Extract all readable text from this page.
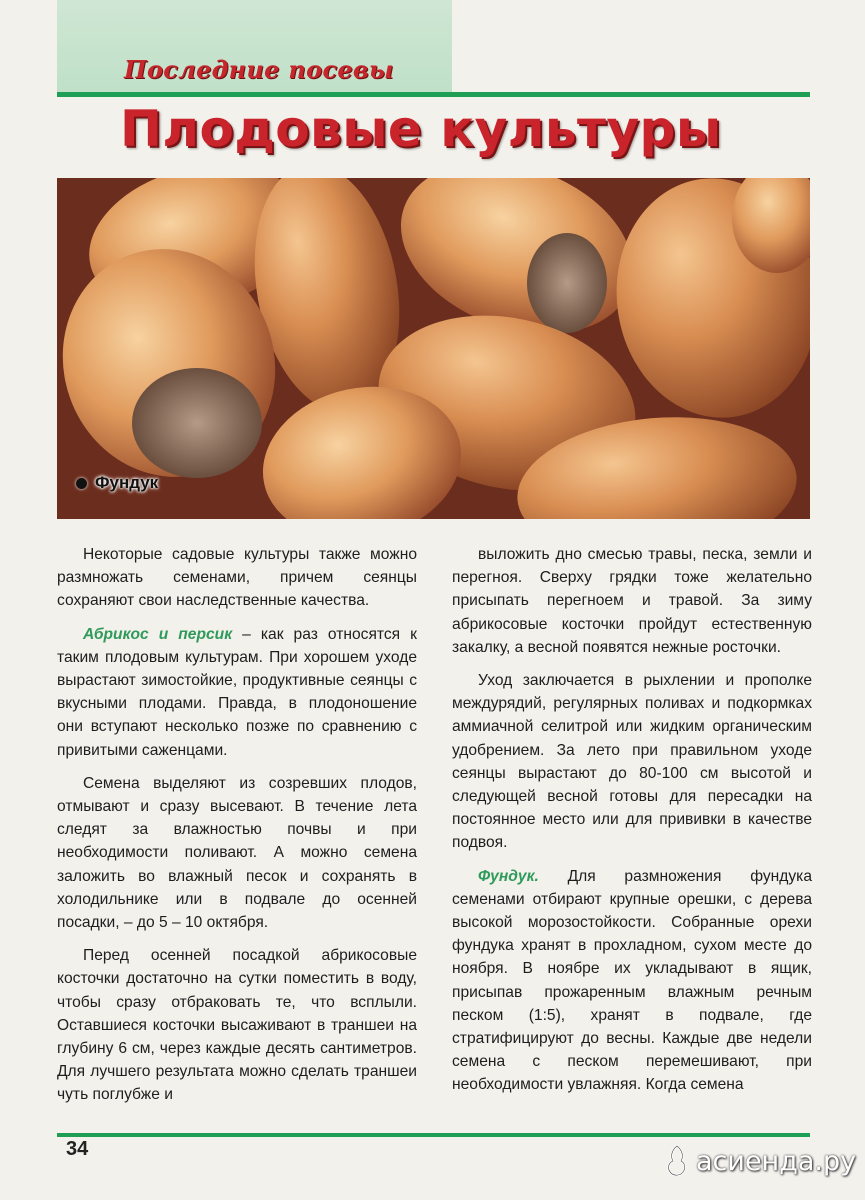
Последние посевы
Плодовые культуры

Фундук

Некоторые садовые культуры также можно размножать семенами, причем сеянцы сохраняют свои наследственные качества.

Абрикос и персик – как раз относятся к таким плодовым культурам. При хорошем уходе вырастают зимостойкие, продуктивные сеянцы с вкусными плодами. Правда, в плодоношение они вступают несколько позже по сравнению с привитыми саженцами.

Семена выделяют из созревших плодов, отмывают и сразу высевают. В течение лета следят за влажностью почвы и при необходимости поливают. А можно семена заложить во влажный песок и сохранять в холодильнике или в подвале до осенней посадки, – до 5 – 10 октября.

Перед осенней посадкой абрикосовые косточки достаточно на сутки поместить в воду, чтобы сразу отбраковать те, что всплыли. Оставшиеся косточки высаживают в траншеи на глубину 6 см, через каждые десять сантиметров. Для лучшего результата можно сделать траншеи чуть поглубже и

выложить дно смесью травы, песка, земли и перегноя. Сверху грядки тоже желательно присыпать перегноем и травой. За зиму абрикосовые косточки пройдут естественную закалку, а весной появятся нежные росточки.

Уход заключается в рыхлении и прополке междурядий, регулярных поливах и подкормках аммиачной селитрой или жидким органическим удобрением. За лето при правильном уходе сеянцы вырастают до 80-100 см высотой и следующей весной готовы для пересадки на постоянное место или для прививки в качестве подвоя.

Фундук. Для размножения фундука семенами отбирают крупные орешки, с дерева высокой морозостойкости. Собранные орехи фундука хранят в прохладном, сухом месте до ноября. В ноябре их укладывают в ящик, присыпав прожаренным влажным речным песком (1:5), хранят в подвале, где стратифицируют до весны. Каждые две недели семена с песком перемешивают, при необходимости увлажняя. Когда семена

34	асиенда.ру
